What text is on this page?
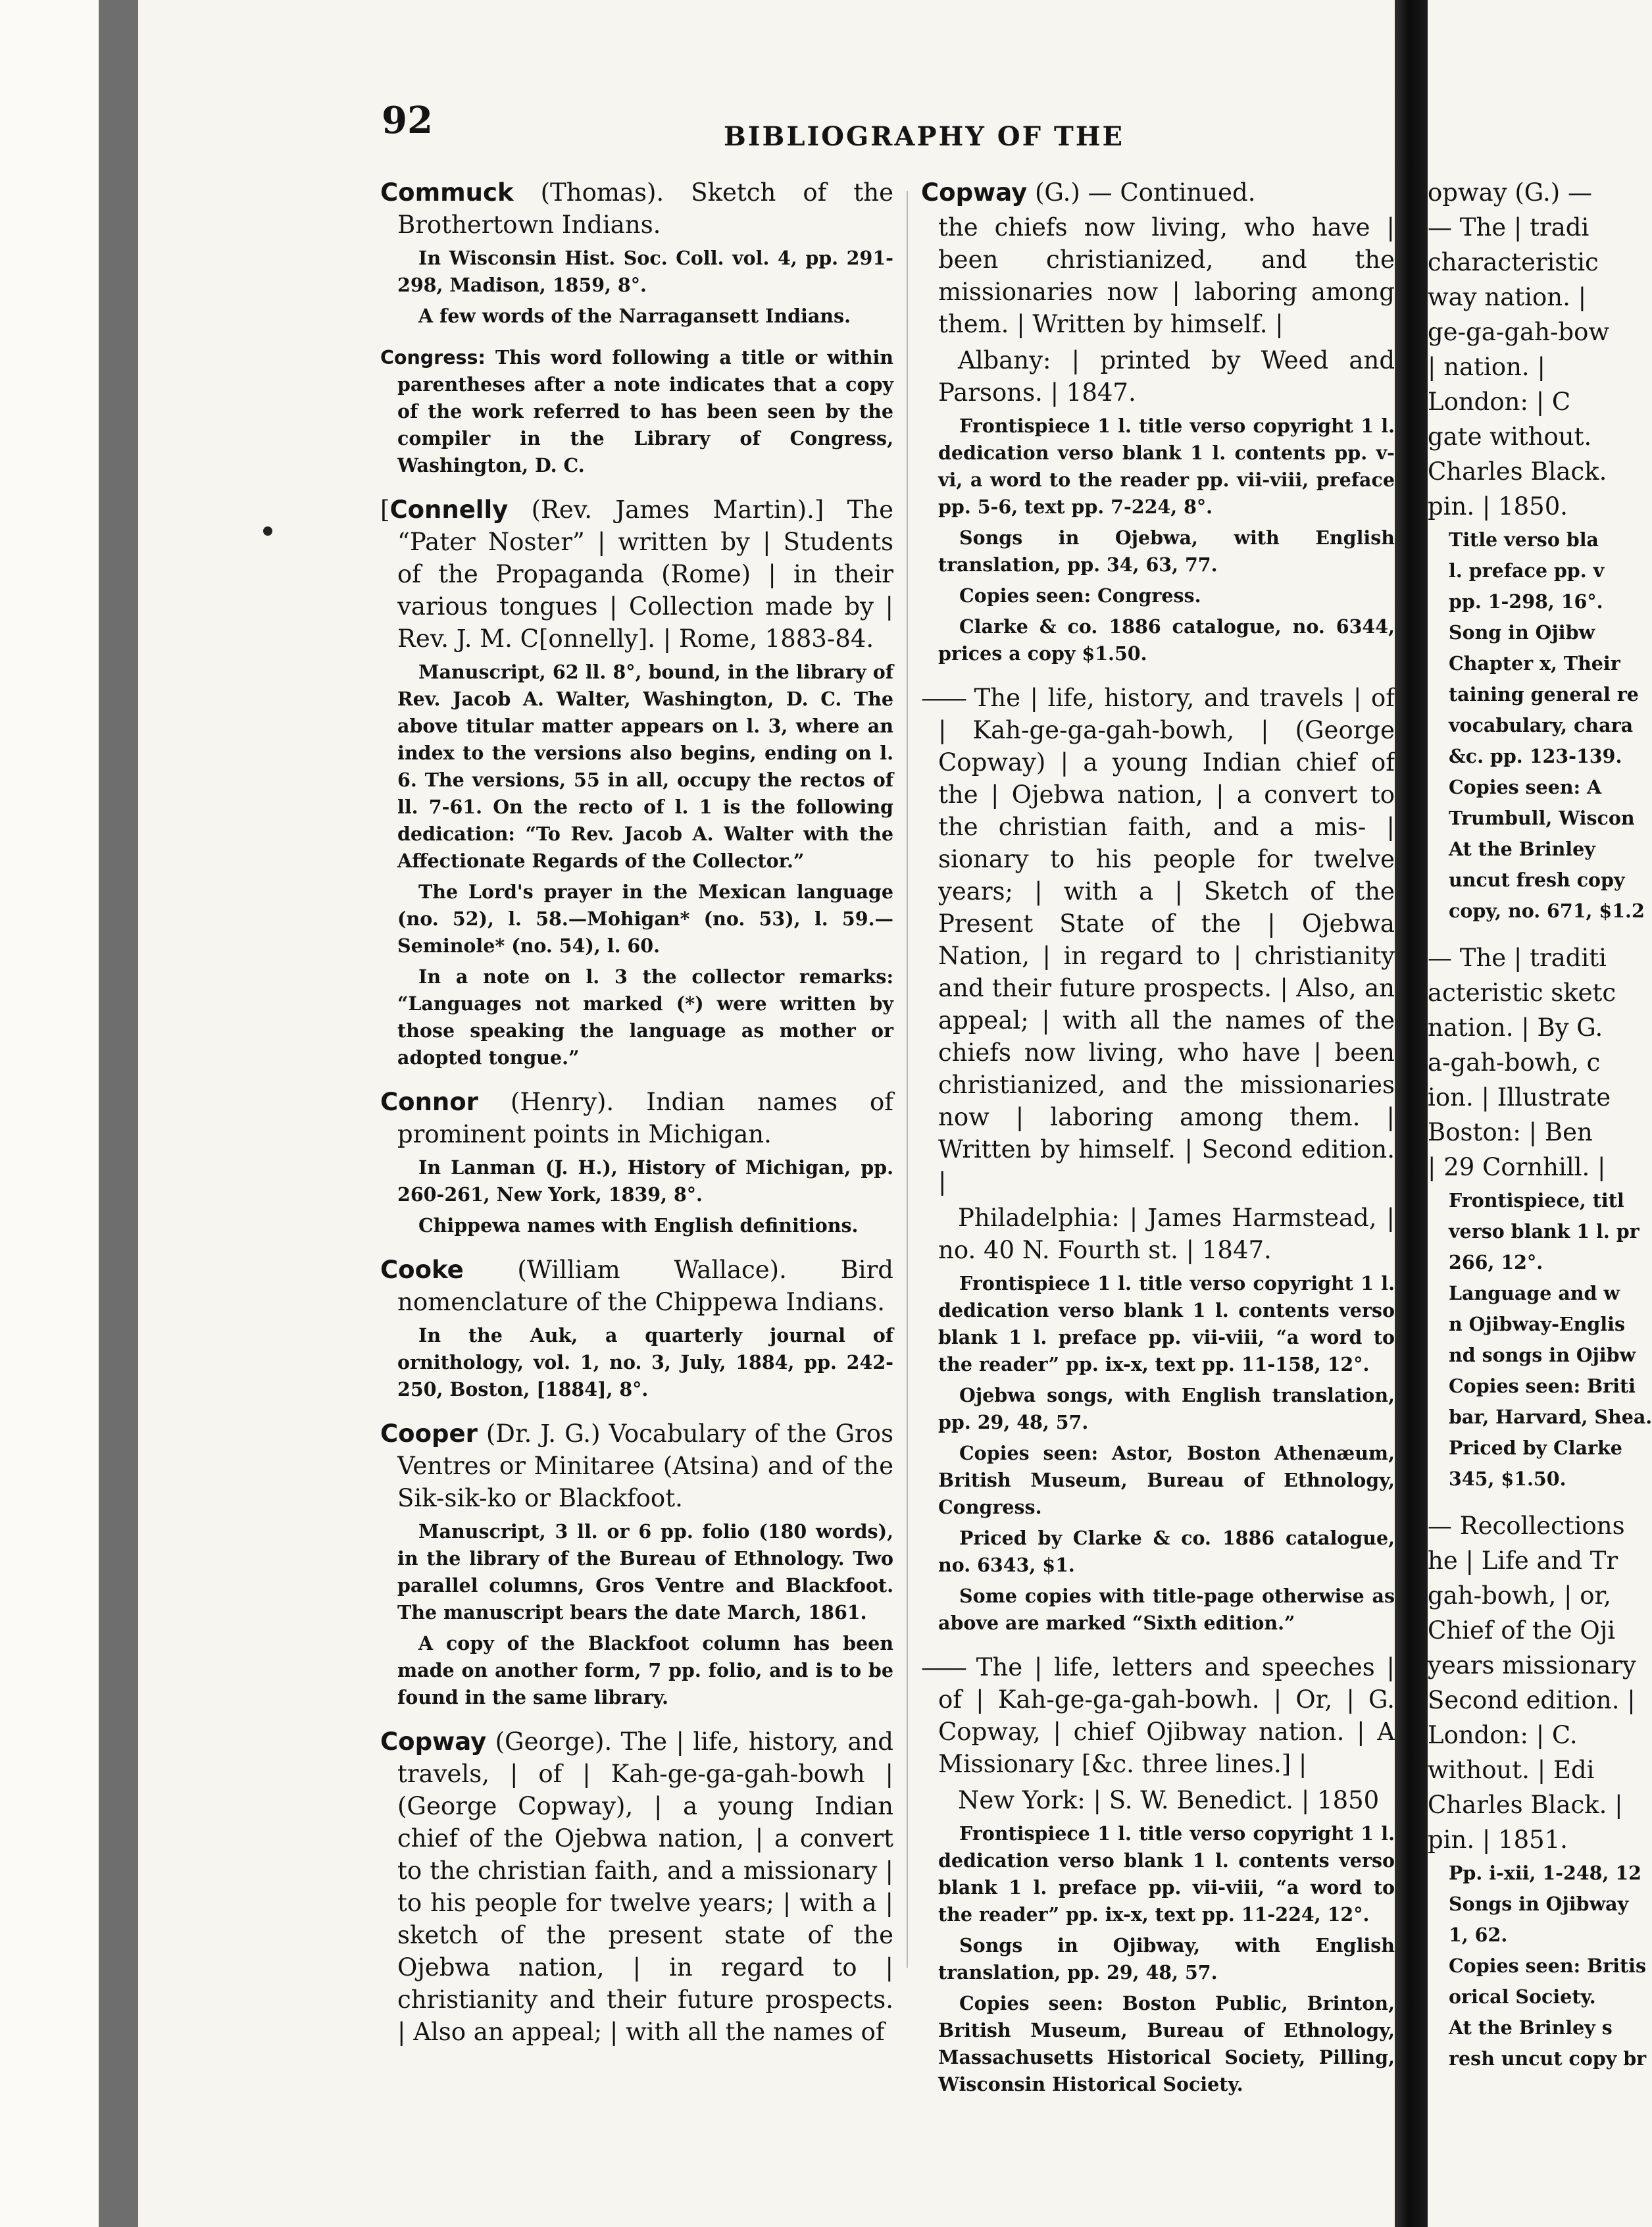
92	BIBLIOGRAPHY OF THE

Commuck (Thomas). Sketch of the Brothertown Indians.

In Wisconsin Hist. Soc. Coll. vol. 4, pp. 291-298, Madison, 1859, 8°.

A few words of the Narragansett Indians.

Congress: This word following a title or within parentheses after a note indicates that a copy of the work referred to has been seen by the compiler in the Library of Congress, Washington, D. C.

[Connelly (Rev. James Martin).] The “Pater Noster” | written by | Students of the Propaganda (Rome) | in their various tongues | Collection made by | Rev. J. M. C[onnelly]. | Rome, 1883-84.

Manuscript, 62 ll. 8°, bound, in the library of Rev. Jacob A. Walter, Washington, D. C. The above titular matter appears on l. 3, where an index to the versions also begins, ending on l. 6. The versions, 55 in all, occupy the rectos of ll. 7-61. On the recto of l. 1 is the following dedication: “To Rev. Jacob A. Walter with the Affectionate Regards of the Collector.”

The Lord's prayer in the Mexican language (no. 52), l. 58.—Mohigan* (no. 53), l. 59.—Seminole* (no. 54), l. 60.

In a note on l. 3 the collector remarks: “Languages not marked (*) were written by those speaking the language as mother or adopted tongue.”

Connor (Henry). Indian names of prominent points in Michigan.

In Lanman (J. H.), History of Michigan, pp. 260-261, New York, 1839, 8°.

Chippewa names with English definitions.

Cooke (William Wallace). Bird nomenclature of the Chippewa Indians.

In the Auk, a quarterly journal of ornithology, vol. 1, no. 3, July, 1884, pp. 242-250, Boston, [1884], 8°.

Cooper (Dr. J. G.) Vocabulary of the Gros Ventres or Minitaree (Atsina) and of the Sik-sik-ko or Blackfoot.

Manuscript, 3 ll. or 6 pp. folio (180 words), in the library of the Bureau of Ethnology. Two parallel columns, Gros Ventre and Blackfoot. The manuscript bears the date March, 1861.

A copy of the Blackfoot column has been made on another form, 7 pp. folio, and is to be found in the same library.

Copway (George). The | life, history, and travels, | of | Kah-ge-ga-gah-bowh | (George Copway), | a young Indian chief of the Ojebwa nation, | a convert to the christian faith, and a missionary | to his people for twelve years; | with a | sketch of the present state of the Ojebwa nation, | in regard to | christianity and their future prospects. | Also an appeal; | with all the names of

Copway (G.) — Continued.

the chiefs now living, who have | been christianized, and the missionaries now | laboring among them. | Written by himself. |

Albany: | printed by Weed and Parsons. | 1847.

Frontispiece 1 l. title verso copyright 1 l. dedication verso blank 1 l. contents pp. v-vi, a word to the reader pp. vii-viii, preface pp. 5-6, text pp. 7-224, 8°.

Songs in Ojebwa, with English translation, pp. 34, 63, 77.

Copies seen: Congress.

Clarke & co. 1886 catalogue, no. 6344, prices a copy $1.50.

—— The | life, history, and travels | of | Kah-ge-ga-gah-bowh, | (George Copway) | a young Indian chief of the | Ojebwa nation, | a convert to the christian faith, and a mis- | sionary to his people for twelve years; | with a | Sketch of the Present State of the | Ojebwa Nation, | in regard to | christianity and their future prospects. | Also, an appeal; | with all the names of the chiefs now living, who have | been christianized, and the missionaries now | laboring among them. | Written by himself. | Second edition. |

Philadelphia: | James Harmstead, | no. 40 N. Fourth st. | 1847.

Frontispiece 1 l. title verso copyright 1 l. dedication verso blank 1 l. contents verso blank 1 l. preface pp. vii-viii, “a word to the reader” pp. ix-x, text pp. 11-158, 12°.

Ojebwa songs, with English translation, pp. 29, 48, 57.

Copies seen: Astor, Boston Athenæum, British Museum, Bureau of Ethnology, Congress.

Priced by Clarke & co. 1886 catalogue, no. 6343, $1.

Some copies with title-page otherwise as above are marked “Sixth edition.”

—— The | life, letters and speeches | of | Kah-ge-ga-gah-bowh. | Or, | G. Copway, | chief Ojibway nation. | A Missionary [&c. three lines.] |

New York: | S. W. Benedict. | 1850

Frontispiece 1 l. title verso copyright 1 l. dedication verso blank 1 l. contents verso blank 1 l. preface pp. vii-viii, “a word to the reader” pp. ix-x, text pp. 11-224, 12°.

Songs in Ojibway, with English translation, pp. 29, 48, 57.

Copies seen: Boston Public, Brinton, British Museum, Bureau of Ethnology, Massachusetts Historical Society, Pilling, Wisconsin Historical Society.

opway (G.) —

— The | tradi

characteristic

way nation. |

ge-ga-gah-bow

| nation. |

London: | C

gate without.

Charles Black.

pin. | 1850.

Title verso bla

l. preface pp. v

pp. 1-298, 16°.

Song in Ojibw

Chapter x, Their

taining general re

vocabulary, chara

&c. pp. 123-139.

Copies seen: A

Trumbull, Wiscon

At the Brinley

uncut fresh copy

copy, no. 671, $1.2

— The | traditi

acteristic sketc

nation. | By G.

a-gah-bowh, c

ion. | Illustrate

Boston: | Ben

| 29 Cornhill. |

Frontispiece, titl

verso blank 1 l. pr

266, 12°.

Language and w

n Ojibway-Englis

nd songs in Ojibw

Copies seen: Briti

bar, Harvard, Shea.

Priced by Clarke

345, $1.50.

— Recollections

he | Life and Tr

gah-bowh, | or,

Chief of the Oji

years missionary

Second edition. |

London: | C.

without. | Edi

Charles Black. |

pin. | 1851.

Pp. i-xii, 1-248, 12

Songs in Ojibway

1, 62.

Copies seen: Britis

orical Society.

At the Brinley s

resh uncut copy br
